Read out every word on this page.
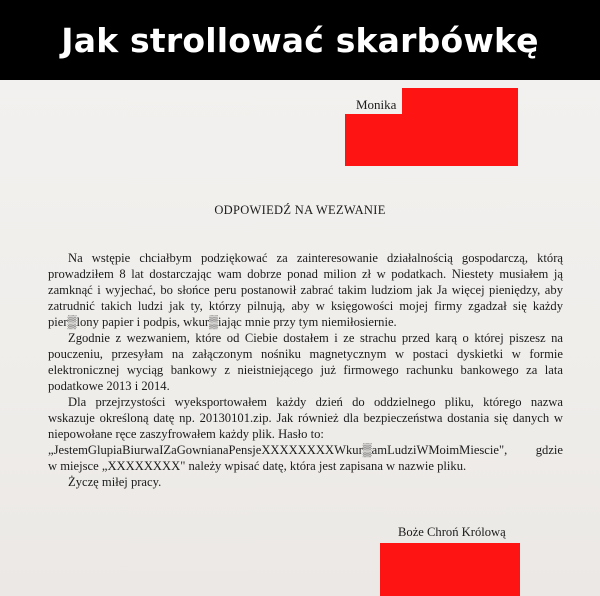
Jak strollować skarbówkę
Monika
ODPOWIEDŹ NA WEZWANIE
Na wstępie chciałbym podziękować za zainteresowanie działalnością gospodarczą, którą
prowadziłem 8 lat dostarczając wam dobrze ponad milion zł w podatkach. Niestety musiałem ją
zamknąć i wyjechać, bo słońce peru postanowił zabrać takim ludziom jak Ja więcej pieniędzy, aby
zatrudnić takich ludzi jak ty, którzy pilnują, aby w księgowości mojej firmy zgadzał się każdy
pier▒lony papier i podpis, wkur▒iając mnie przy tym niemiłosiernie.
Zgodnie z wezwaniem, które od Ciebie dostałem i ze strachu przed karą o której piszesz na
pouczeniu, przesyłam na załączonym nośniku magnetycznym w postaci dyskietki w formie
elektronicznej wyciąg bankowy z nieistniejącego już firmowego rachunku bankowego za lata
podatkowe 2013 i 2014.
Dla przejrzystości wyeksportowałem każdy dzień do oddzielnego pliku, którego nazwa
wskazuje określoną datę np. 20130101.zip. Jak również dla bezpieczeństwa dostania się danych w
niepowołane ręce zaszyfrowałem każdy plik. Hasło to:
„JestemGlupiaBiurwaIZaGownianaPensjeXXXXXXXXWkur▒amLudziWMoimMiescie", gdzie
w miejsce „XXXXXXXX" należy wpisać datę, która jest zapisana w nazwie pliku.
Życzę miłej pracy.
Boże Chroń Królową
